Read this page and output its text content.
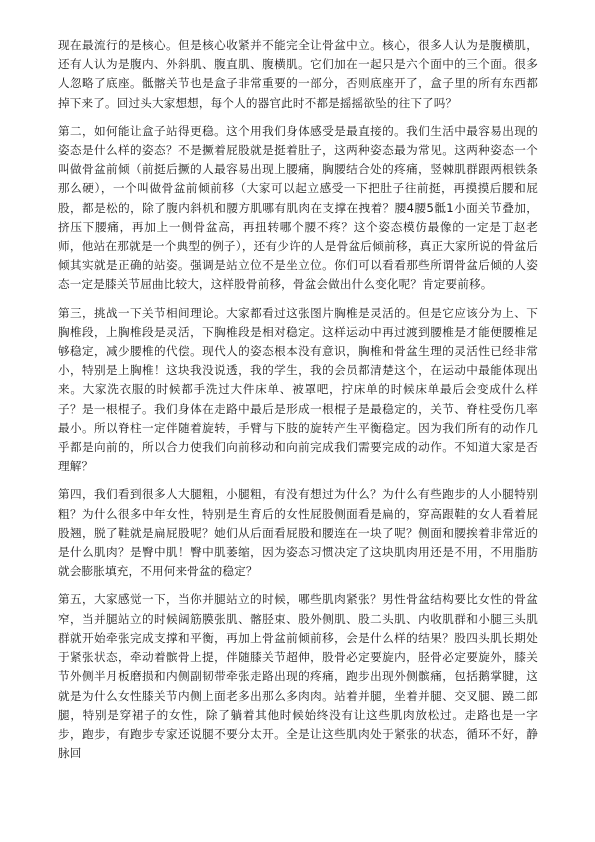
现在最流行的是核心。但是核心收紧并不能完全让骨盆中立。核心，很多人认为是腹横肌，还有人认为是腹内、外斜肌、腹直肌、腹横肌。它们加在一起只是六个面中的三个面。很多人忽略了底座。骶髂关节也是盒子非常重要的一部分，否则底座开了，盒子里的所有东西都掉下来了。回过头大家想想，每个人的器官此时不都是摇摇欲坠的往下了吗？

第二，如何能让盒子站得更稳。这个用我们身体感受是最直接的。我们生活中最容易出现的姿态是什么样的姿态？不是撅着屁股就是挺着肚子，这两种姿态最为常见。这两种姿态一个叫做骨盆前倾（前挺后撅的人最容易出现上腰痛，胸腰结合处的疼痛，竖棘肌群跟两根铁条那么硬），一个叫做骨盆前倾前移（大家可以起立感受一下把肚子往前挺，再摸摸后腰和屁股，都是松的，除了腹内斜机和腰方肌哪有肌肉在支撑在拽着？腰4腰5骶1小面关节叠加，挤压下腰痛，再加上一侧骨盆高，再扭转哪个腰不疼？这个姿态模仿最像的一定是丁赵老师，他站在那就是一个典型的例子），还有少许的人是骨盆后倾前移，真正大家所说的骨盆后倾其实就是正确的站姿。强调是站立位不是坐立位。你们可以看看那些所谓骨盆后倾的人姿态一定是膝关节屈曲比较大，这样股骨前移，骨盆会做出什么变化呢？肯定要前移。

第三，挑战一下关节相间理论。大家都看过这张图片胸椎是灵活的。但是它应该分为上、下胸椎段，上胸椎段是灵活，下胸椎段是相对稳定。这样运动中再过渡到腰椎是才能便腰椎足够稳定，减少腰椎的代偿。现代人的姿态根本没有意识，胸椎和骨盆生理的灵活性已经非常小，特别是上胸椎！这块我没说透，我的学生，我的会员都清楚这个，在运动中最能体现出来。大家洗衣服的时候都手洗过大件床单、被罩吧，拧床单的时候床单最后会变成什么样子？是一根棍子。我们身体在走路中最后是形成一根棍子是最稳定的，关节、脊柱受伤几率最小。所以脊柱一定伴随着旋转，手臂与下肢的旋转产生平衡稳定。因为我们所有的动作几乎都是向前的，所以合力使我们向前移动和向前完成我们需要完成的动作。不知道大家是否理解？

第四，我们看到很多人大腿粗，小腿粗，有没有想过为什么？为什么有些跑步的人小腿特别粗？为什么很多中年女性，特别是生育后的女性屁股侧面看是扁的，穿高跟鞋的女人看着屁股翘，脱了鞋就是扁屁股呢？她们从后面看屁股和腰连在一块了呢？侧面和腰挨着非常近的是什么肌肉？是臀中肌！臀中肌萎缩，因为姿态习惯决定了这块肌肉用还是不用，不用脂肪就会膨胀填充，不用何来骨盆的稳定？

第五，大家感觉一下，当你并腿站立的时候，哪些肌肉紧张？男性骨盆结构要比女性的骨盆窄，当并腿站立的时候阔筋膜张肌、髂胫束、股外侧肌、股二头肌、内收肌群和小腿三头肌群就开始牵张完成支撑和平衡，再加上骨盆前倾前移，会是什么样的结果？股四头肌长期处于紧张状态，牵动着髌骨上提，伴随膝关节超伸，股骨必定要旋内，胫骨必定要旋外，膝关节外侧半月板磨损和内侧副韧带牵张走路出现的疼痛，跑步出现外侧髌痛，包括鹅掌腱，这就是为什么女性膝关节内侧上面老多出那么多肉肉。站着并腿，坐着并腿、交叉腿、蹺二郎腿，特别是穿裙子的女性，除了躺着其他时候始终没有让这些肌肉放松过。走路也是一字步，跑步，有跑步专家还说腿不要分太开。全是让这些肌肉处于紧张的状态，循环不好，静脉回
